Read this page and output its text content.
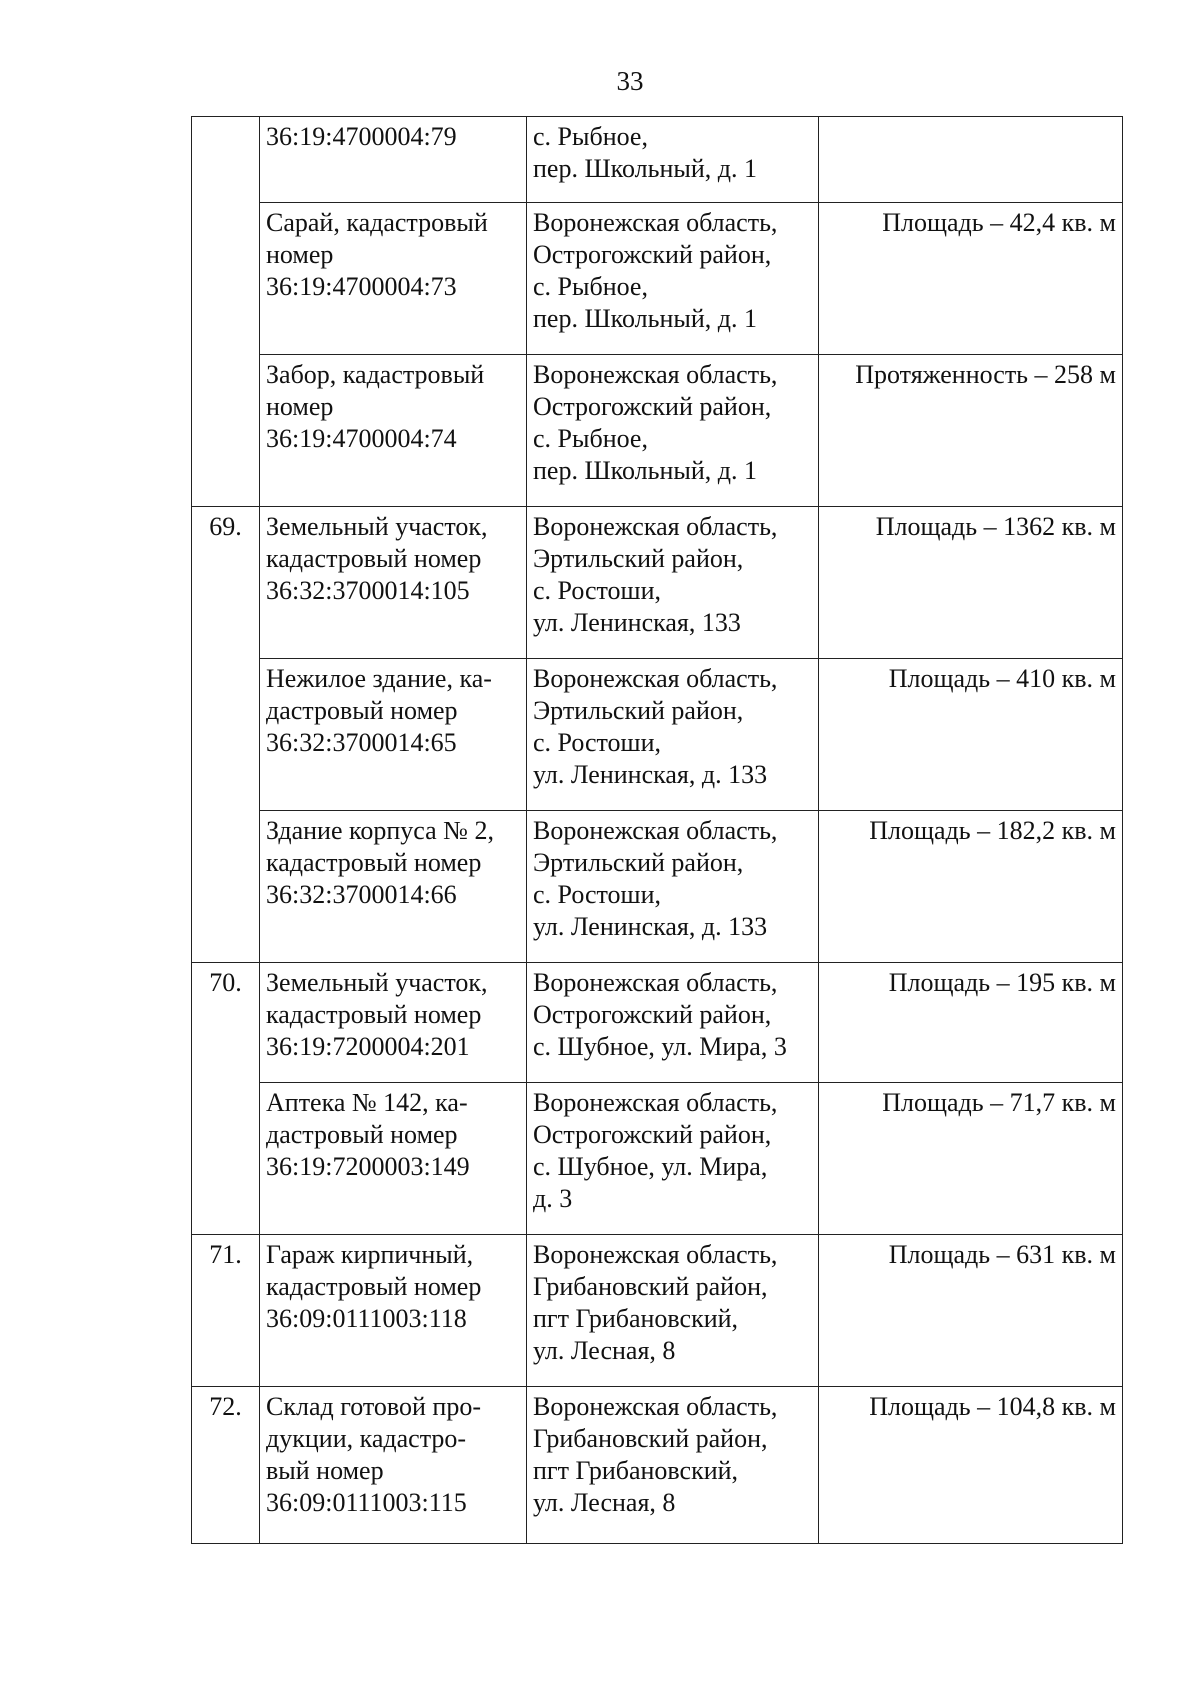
33

	36:19:4700004:79	с. Рыбное,
пер. Школьный, д. 1	

	Сарай, кадастровый
номер
36:19:4700004:73	Воронежская область,
Острогожский район,
с. Рыбное,
пер. Школьный, д. 1	Площадь – 42,4 кв. м

	Забор, кадастровый
номер
36:19:4700004:74	Воронежская область,
Острогожский район,
с. Рыбное,
пер. Школьный, д. 1	Протяженность – 258 м
69.	Земельный участок,
кадастровый номер
36:32:3700014:105	Воронежская область,
Эртильский район,
с. Ростоши,
ул. Ленинская, 133	Площадь – 1362 кв. м

	Нежилое здание, ка-
дастровый номер
36:32:3700014:65	Воронежская область,
Эртильский район,
с. Ростоши,
ул. Ленинская, д. 133	Площадь – 410 кв. м

	Здание корпуса № 2,
кадастровый номер
36:32:3700014:66	Воронежская область,
Эртильский район,
с. Ростоши,
ул. Ленинская, д. 133	Площадь – 182,2 кв. м
70.	Земельный участок,
кадастровый номер
36:19:7200004:201	Воронежская область,
Острогожский район,
с. Шубное, ул. Мира, 3	Площадь – 195 кв. м

	Аптека № 142, ка-
дастровый номер
36:19:7200003:149	Воронежская область,
Острогожский район,
с. Шубное, ул. Мира,
д. 3	Площадь – 71,7 кв. м
71.	Гараж кирпичный,
кадастровый номер
36:09:0111003:118	Воронежская область,
Грибановский район,
пгт Грибановский,
ул. Лесная, 8	Площадь – 631 кв. м
72.	Склад готовой про-
дукции, кадастро-
вый номер
36:09:0111003:115	Воронежская область,
Грибановский район,
пгт Грибановский,
ул. Лесная, 8	Площадь – 104,8 кв. м
